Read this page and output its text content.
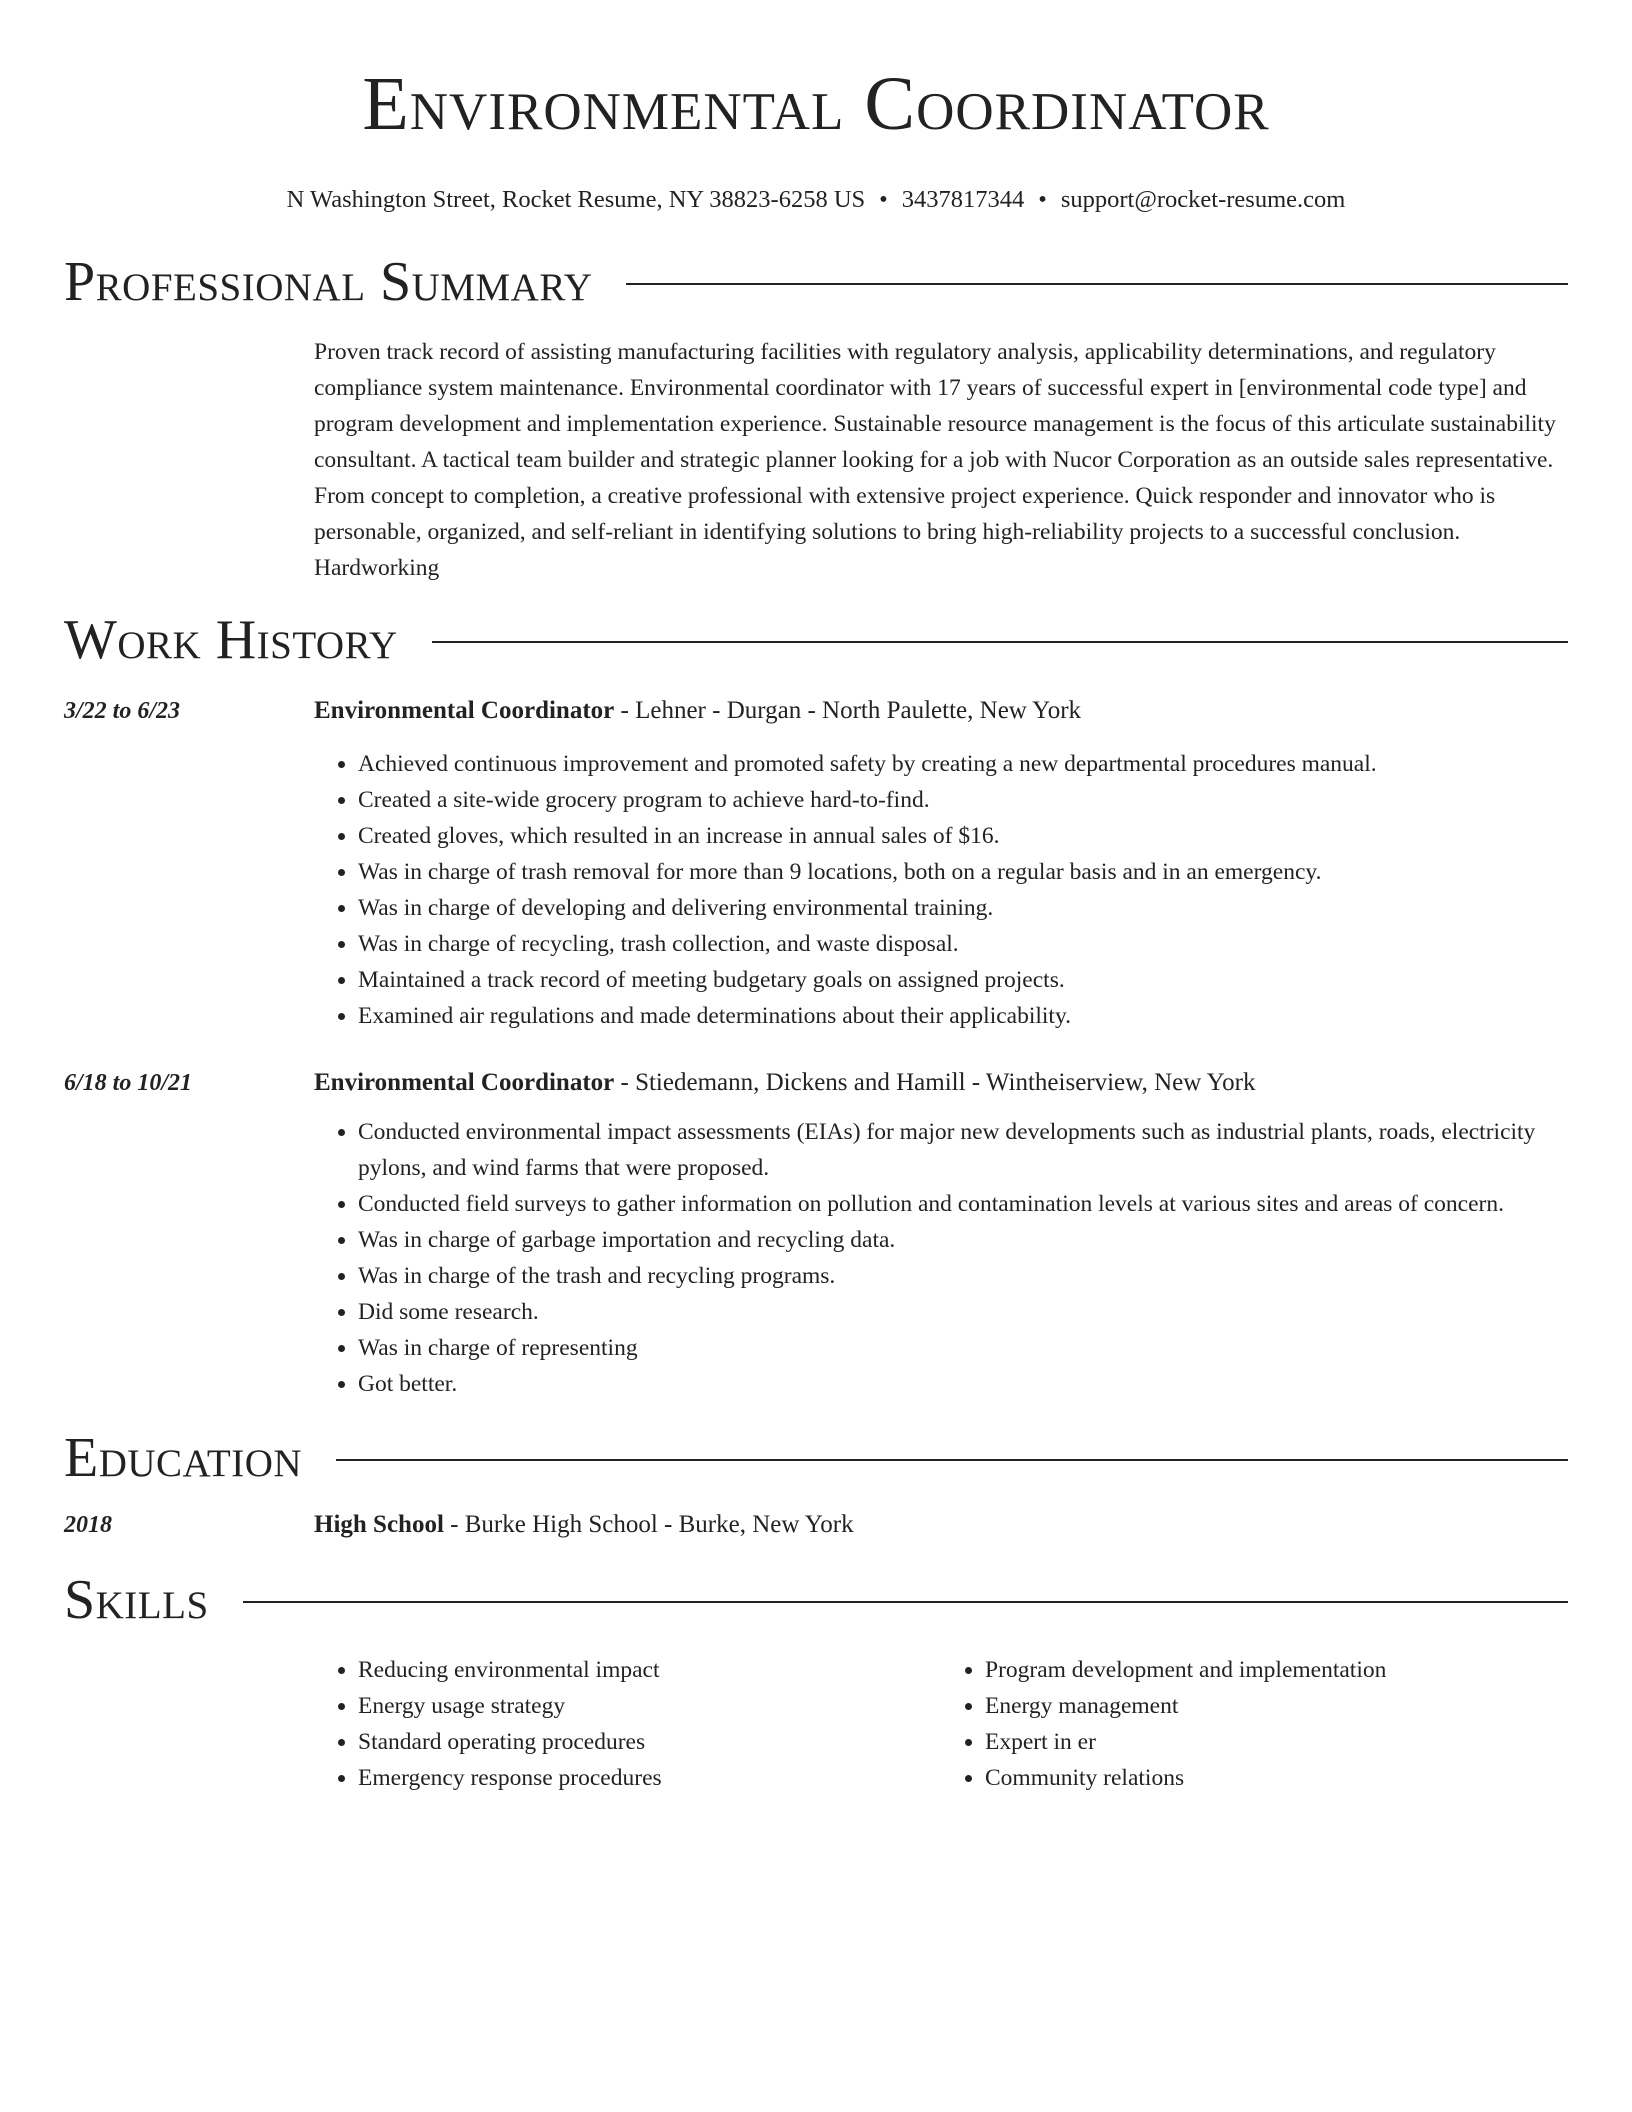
Environmental Coordinator
N Washington Street, Rocket Resume, NY 38823-6258 US • 3437817344 • support@rocket-resume.com
Professional Summary
Proven track record of assisting manufacturing facilities with regulatory analysis, applicability determinations, and regulatory compliance system maintenance. Environmental coordinator with 17 years of successful expert in [environmental code type] and program development and implementation experience. Sustainable resource management is the focus of this articulate sustainability consultant. A tactical team builder and strategic planner looking for a job with Nucor Corporation as an outside sales representative. From concept to completion, a creative professional with extensive project experience. Quick responder and innovator who is personable, organized, and self-reliant in identifying solutions to bring high-reliability projects to a successful conclusion. Hardworking
Work History
3/22 to 6/23	Environmental Coordinator - Lehner - Durgan - North Paulette, New York
• Achieved continuous improvement and promoted safety by creating a new departmental procedures manual.
• Created a site-wide grocery program to achieve hard-to-find.
• Created gloves, which resulted in an increase in annual sales of $16.
• Was in charge of trash removal for more than 9 locations, both on a regular basis and in an emergency.
• Was in charge of developing and delivering environmental training.
• Was in charge of recycling, trash collection, and waste disposal.
• Maintained a track record of meeting budgetary goals on assigned projects.
• Examined air regulations and made determinations about their applicability.
6/18 to 10/21	Environmental Coordinator - Stiedemann, Dickens and Hamill - Wintheiserview, New York
• Conducted environmental impact assessments (EIAs) for major new developments such as industrial plants, roads, electricity pylons, and wind farms that were proposed.
• Conducted field surveys to gather information on pollution and contamination levels at various sites and areas of concern.
• Was in charge of garbage importation and recycling data.
• Was in charge of the trash and recycling programs.
• Did some research.
• Was in charge of representing
• Got better.
Education
2018	High School - Burke High School - Burke, New York
Skills
• Reducing environmental impact
• Energy usage strategy
• Standard operating procedures
• Emergency response procedures
• Program development and implementation
• Energy management
• Expert in er
• Community relations
